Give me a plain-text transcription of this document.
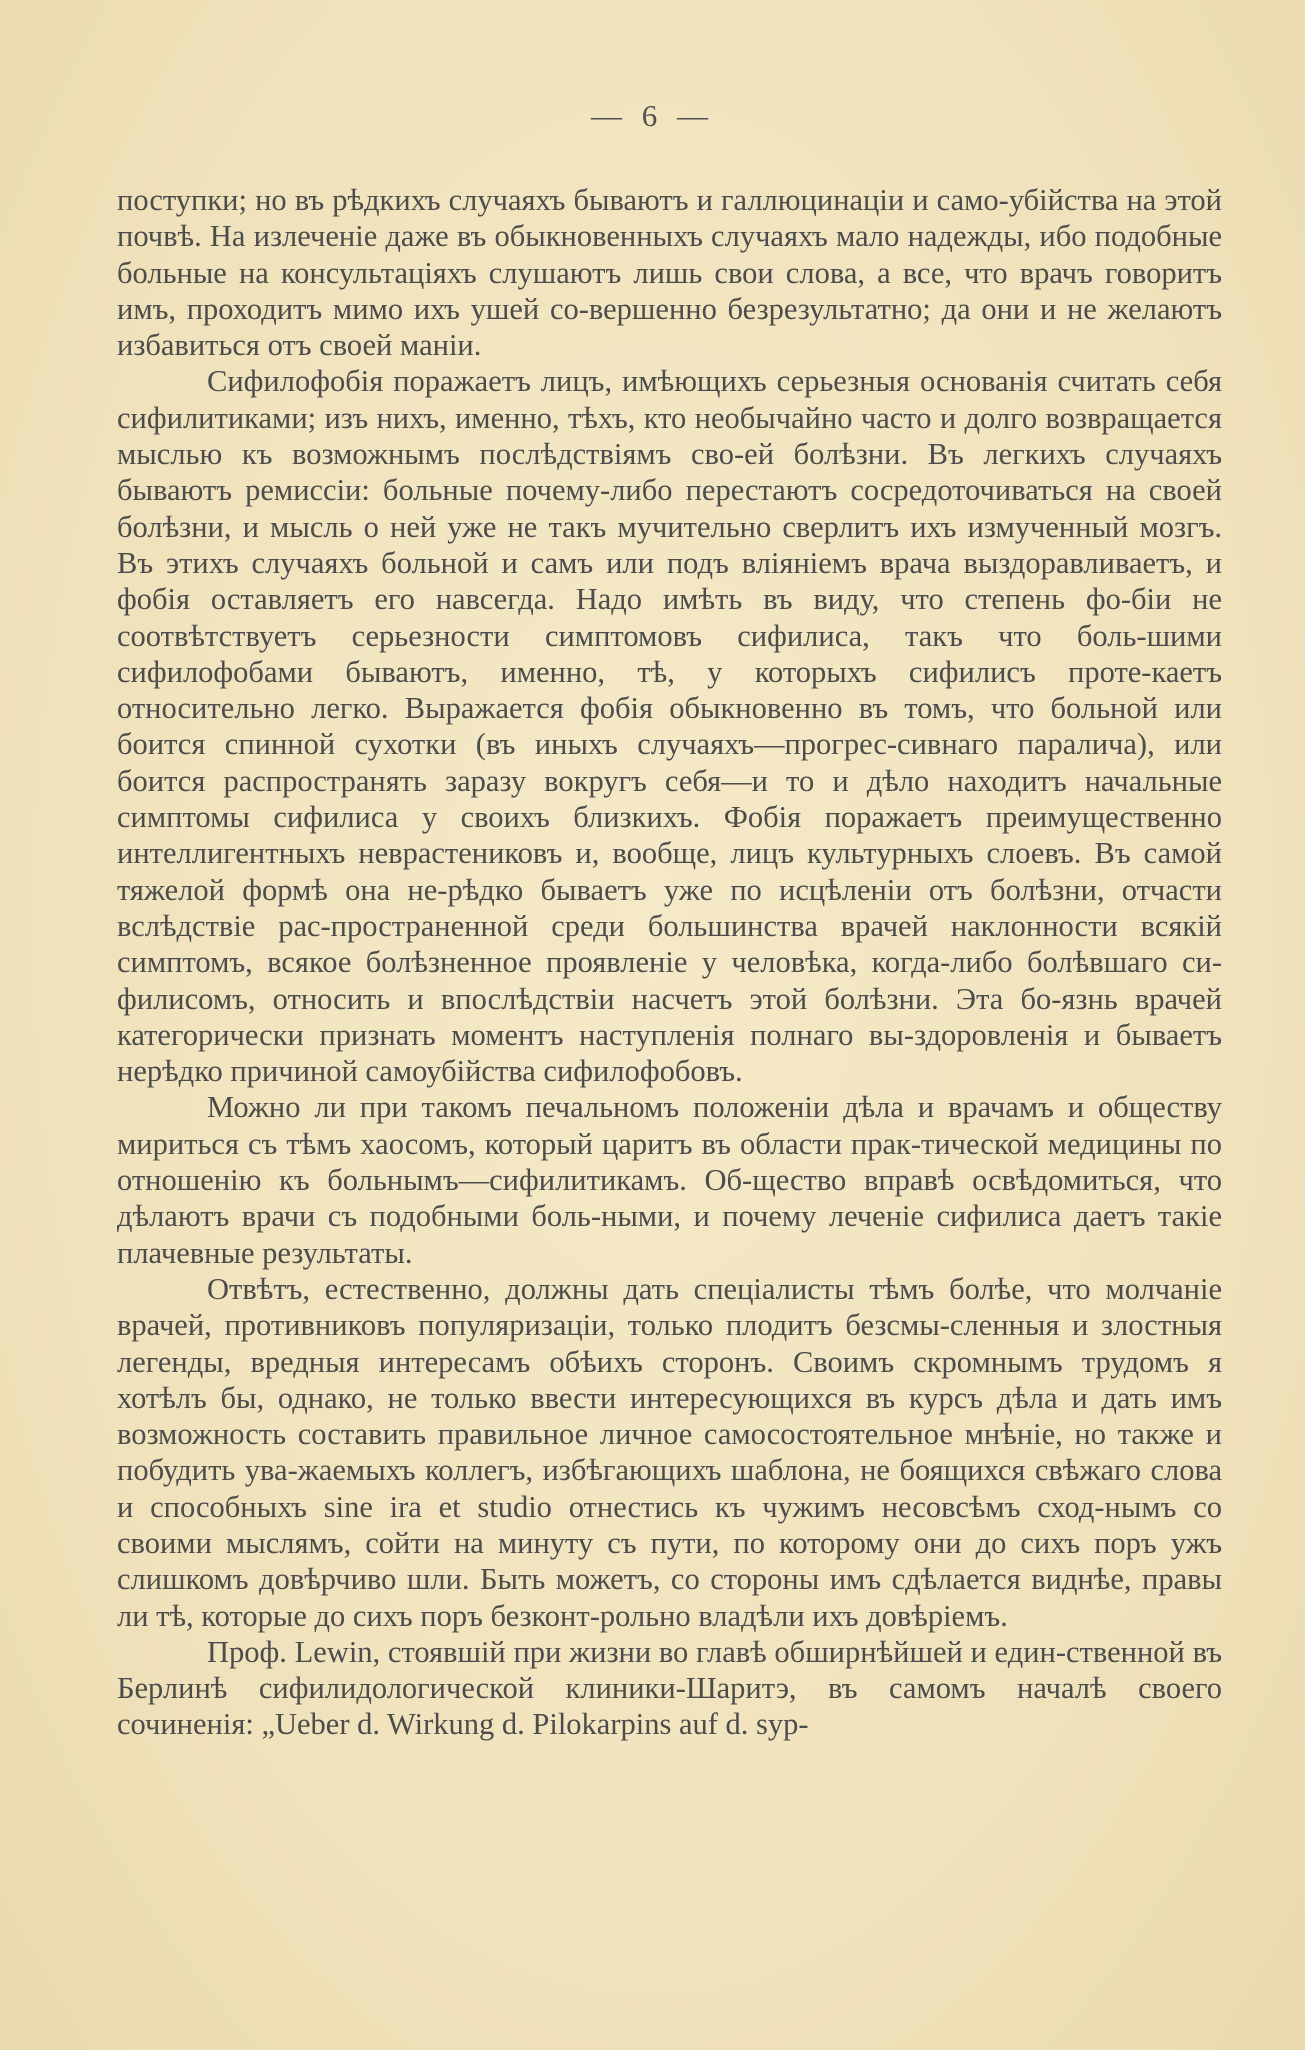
— 6 —

поступки; но въ рѣдкихъ случаяхъ бываютъ и галлюцинаціи и само-убійства на этой почвѣ. На излеченіе даже въ обыкновенныхъ случаяхъ мало надежды, ибо подобные больные на консультаціяхъ слушаютъ лишь свои слова, а все, что врачъ говоритъ имъ, проходитъ мимо ихъ ушей со-вершенно безрезультатно; да они и не желаютъ избавиться отъ своей маніи.

Сифилофобія поражаетъ лицъ, имѣющихъ серьезныя основанія считать себя сифилитиками; изъ нихъ, именно, тѣхъ, кто необычайно часто и долго возвращается мыслью къ возможнымъ послѣдствіямъ сво-ей болѣзни. Въ легкихъ случаяхъ бываютъ ремиссіи: больные почему-либо перестаютъ сосредоточиваться на своей болѣзни, и мысль о ней уже не такъ мучительно сверлитъ ихъ измученный мозгъ. Въ этихъ случаяхъ больной и самъ или подъ вліяніемъ врача выздоравливаетъ, и фобія оставляетъ его навсегда. Надо имѣть въ виду, что степень фо-біи не соотвѣтствуетъ серьезности симптомовъ сифилиса, такъ что боль-шими сифилофобами бываютъ, именно, тѣ, у которыхъ сифилисъ проте-каетъ относительно легко. Выражается фобія обыкновенно въ томъ, что больной или боится спинной сухотки (въ иныхъ случаяхъ—прогрес-сивнаго паралича), или боится распространять заразу вокругъ себя—и то и дѣло находитъ начальные симптомы сифилиса у своихъ близкихъ. Фобія поражаетъ преимущественно интеллигентныхъ неврастениковъ и, вообще, лицъ культурныхъ слоевъ. Въ самой тяжелой формѣ она не-рѣдко бываетъ уже по исцѣленіи отъ болѣзни, отчасти вслѣдствіе рас-пространенной среди большинства врачей наклонности всякій симптомъ, всякое болѣзненное проявленіе у человѣка, когда-либо болѣвшаго си-филисомъ, относить и впослѣдствіи насчетъ этой болѣзни. Эта бо-язнь врачей категорически признать моментъ наступленія полнаго вы-здоровленія и бываетъ нерѣдко причиной самоубійства сифилофобовъ.

Можно ли при такомъ печальномъ положеніи дѣла и врачамъ и обществу мириться съ тѣмъ хаосомъ, который царитъ въ области прак-тической медицины по отношенію къ больнымъ—сифилитикамъ. Об-щество вправѣ освѣдомиться, что дѣлаютъ врачи съ подобными боль-ными, и почему леченіе сифилиса даетъ такіе плачевные результаты.

Отвѣтъ, естественно, должны дать спеціалисты тѣмъ болѣе, что молчаніе врачей, противниковъ популяризаціи, только плодитъ безсмы-сленныя и злостныя легенды, вредныя интересамъ обѣихъ сторонъ. Своимъ скромнымъ трудомъ я хотѣлъ бы, однако, не только ввести интересующихся въ курсъ дѣла и дать имъ возможность составить правильное личное самосостоятельное мнѣніе, но также и побудить ува-жаемыхъ коллегъ, избѣгающихъ шаблона, не боящихся свѣжаго слова и способныхъ sine ira et studio отнестись къ чужимъ несовсѣмъ сход-нымъ со своими мыслямъ, сойти на минуту съ пути, по которому они до сихъ поръ ужъ слишкомъ довѣрчиво шли. Быть можетъ, со стороны имъ сдѣлается виднѣе, правы ли тѣ, которые до сихъ поръ безконт-рольно владѣли ихъ довѣріемъ.

Проф. Lewin, стоявшій при жизни во главѣ обширнѣйшей и един-ственной въ Берлинѣ сифилидологической клиники-Шаритэ, въ самомъ началѣ своего сочиненія: „Ueber d. Wirkung d. Pilokarpins auf d. syp-
